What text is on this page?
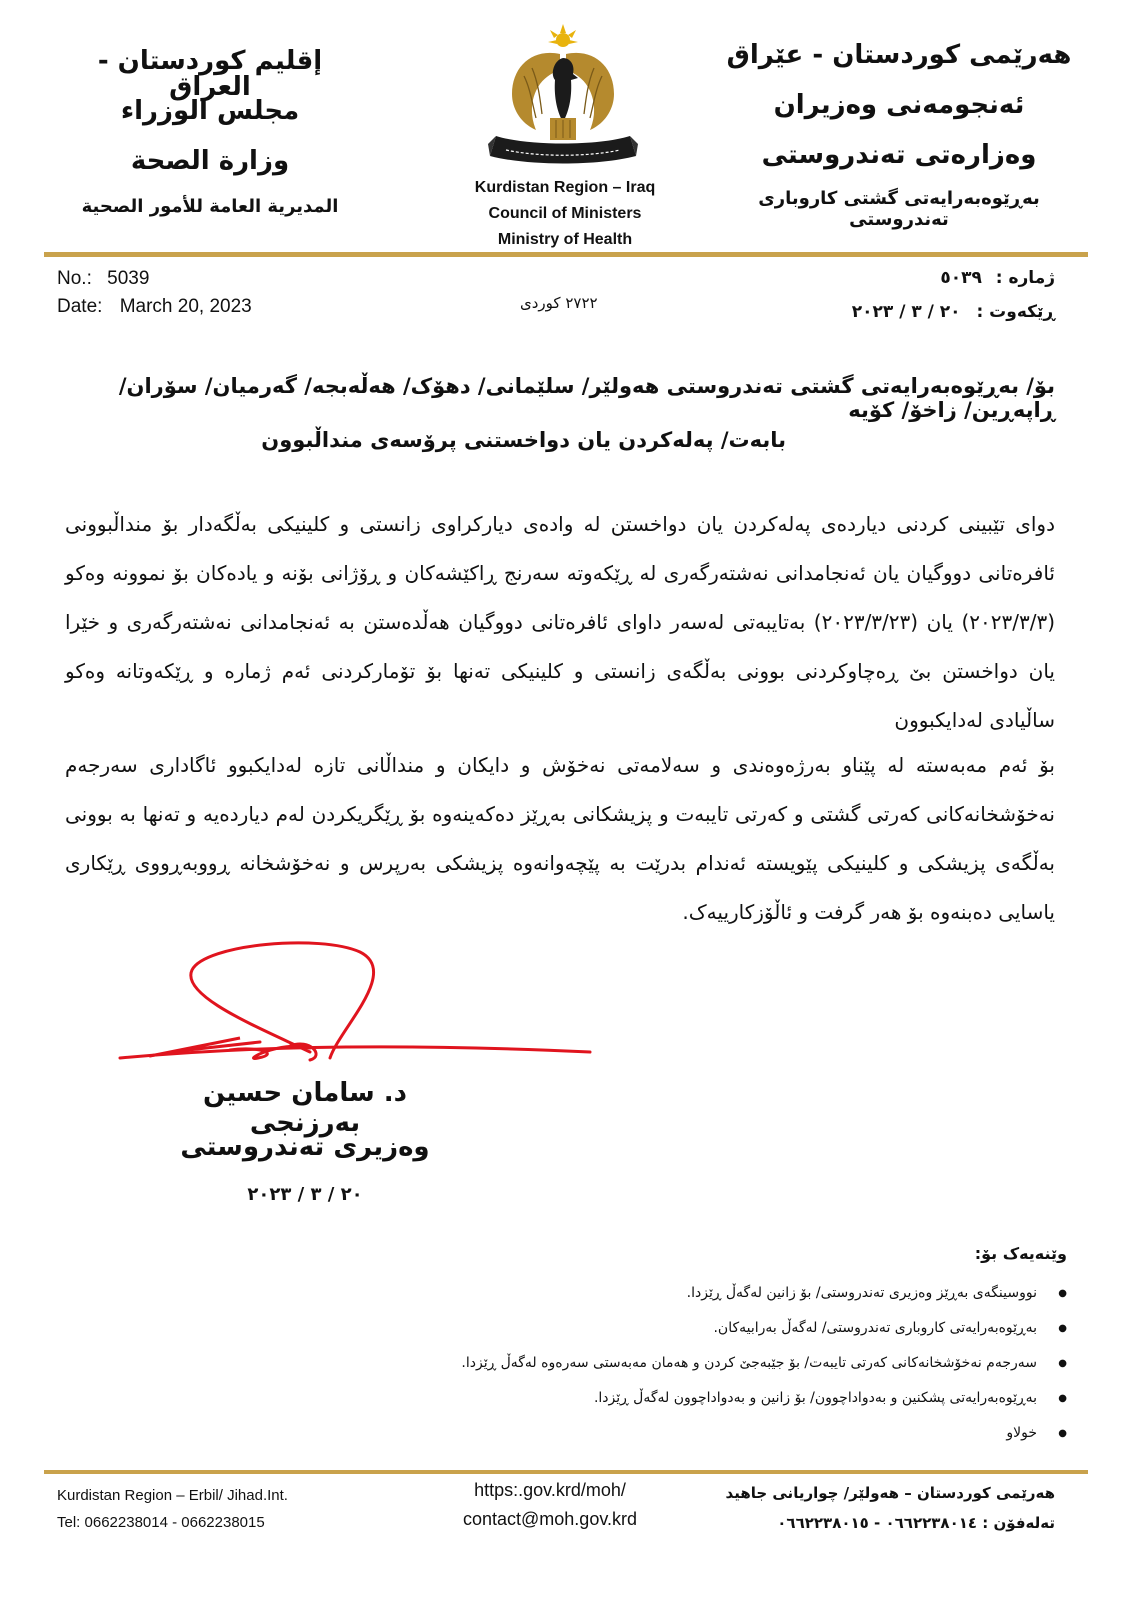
هەرێمی کوردستان - عێراق
ئەنجومەنی وەزیران
وەزارەتی تەندروستی
بەڕێوەبەرایەتی گشتی کاروباری تەندروستی
إقليم كوردستان - العراق
مجلس الوزراء
وزارة الصحة
المديرية العامة للأمور الصحية
Kurdistan Region – Iraq
Council of Ministers
Ministry of Health
No.: 5039
Date: March 20, 2023	٢٧٢٢ كوردى
ژمارە : ٥٠٣٩
ڕێکەوت : ٢٠ / ٣ / ٢٠٢٣
بۆ/ بەڕێوەبەرایەتی گشتی تەندروستی هەولێر/ سلێمانی/ دهۆک/ هەڵەبجە/ گەرمیان/ سۆران/ ڕاپەڕین/ زاخۆ/ کۆیە
بابەت/ پەلەکردن یان دواخستنی پرۆسەی منداڵبوون
دوای تێبینی کردنی دیاردەی پەلەکردن یان دواخستن لە وادەی دیارکراوی زانستی و کلینیکی بەڵگەدار بۆ منداڵبوونی ئافرەتانی دووگیان یان ئەنجامدانی نەشتەرگەری لە ڕێکەوتە سەرنج ڕاکێشەکان و ڕۆژانی بۆنە و یادەکان بۆ نموونە وەکو (٢٠٢٣/٣/٣) یان (٢٠٢٣/٣/٢٣) بەتایبەتی لەسەر داوای ئافرەتانی دووگیان هەڵدەستن بە ئەنجامدانی نەشتەرگەری و خێرا یان دواخستن بێ ڕەچاوکردنی بوونی بەڵگەی زانستی و کلینیکی تەنها بۆ تۆمارکردنی ئەم ژمارە و ڕێکەوتانە وەکو ساڵیادی لەدایکبوون
بۆ ئەم مەبەستە لە پێناو بەرژەوەندی و سەلامەتی نەخۆش و دایکان و منداڵانی تازە لەدایکبوو ئاگاداری سەرجەم نەخۆشخانەکانی کەرتی گشتی و کەرتی تایبەت و پزیشکانی بەڕێز دەکەینەوە بۆ ڕێگریکردن لەم دیاردەیە و تەنها بە بوونی بەڵگەی پزیشکی و کلینیکی پێویستە ئەندام بدرێت بە پێچەوانەوە پزیشکی بەرپرس و نەخۆشخانە ڕووبەڕووی ڕێکاری یاسایی دەبنەوە بۆ هەر گرفت و ئاڵۆزکارییەک.
د. سامان حسین بەرزنجی
وەزیری تەندروستی
٢٠ / ٣ / ٢٠٢٣
وێنەیەک بۆ:
● نووسینگەی بەڕێز وەزیری تەندروستی/ بۆ زانین لەگەڵ ڕێزدا.
● بەڕێوەبەرایەتی کاروباری تەندروستی/ لەگەڵ بەرابیەکان.
● سەرجەم نەخۆشخانەکانی کەرتی تایبەت/ بۆ جێبەجێ کردن و هەمان مەبەستی سەرەوە لەگەڵ ڕێزدا.
● بەڕێوەبەرایەتی پشکنین و بەدواداچوون/ بۆ زانین و بەدواداچوون لەگەڵ ڕێزدا.
● خولاو
Kurdistan Region – Erbil/ Jihad.Int.
Tel: 0662238014 - 0662238015
https:.gov.krd/moh/
contact@moh.gov.krd
هەرێمی کوردستان – هەولێر/ چواریانی جاهید
تەلەفۆن : ٠٦٦٢٢٣٨٠١٤ - ٠٦٦٢٢٣٨٠١٥
